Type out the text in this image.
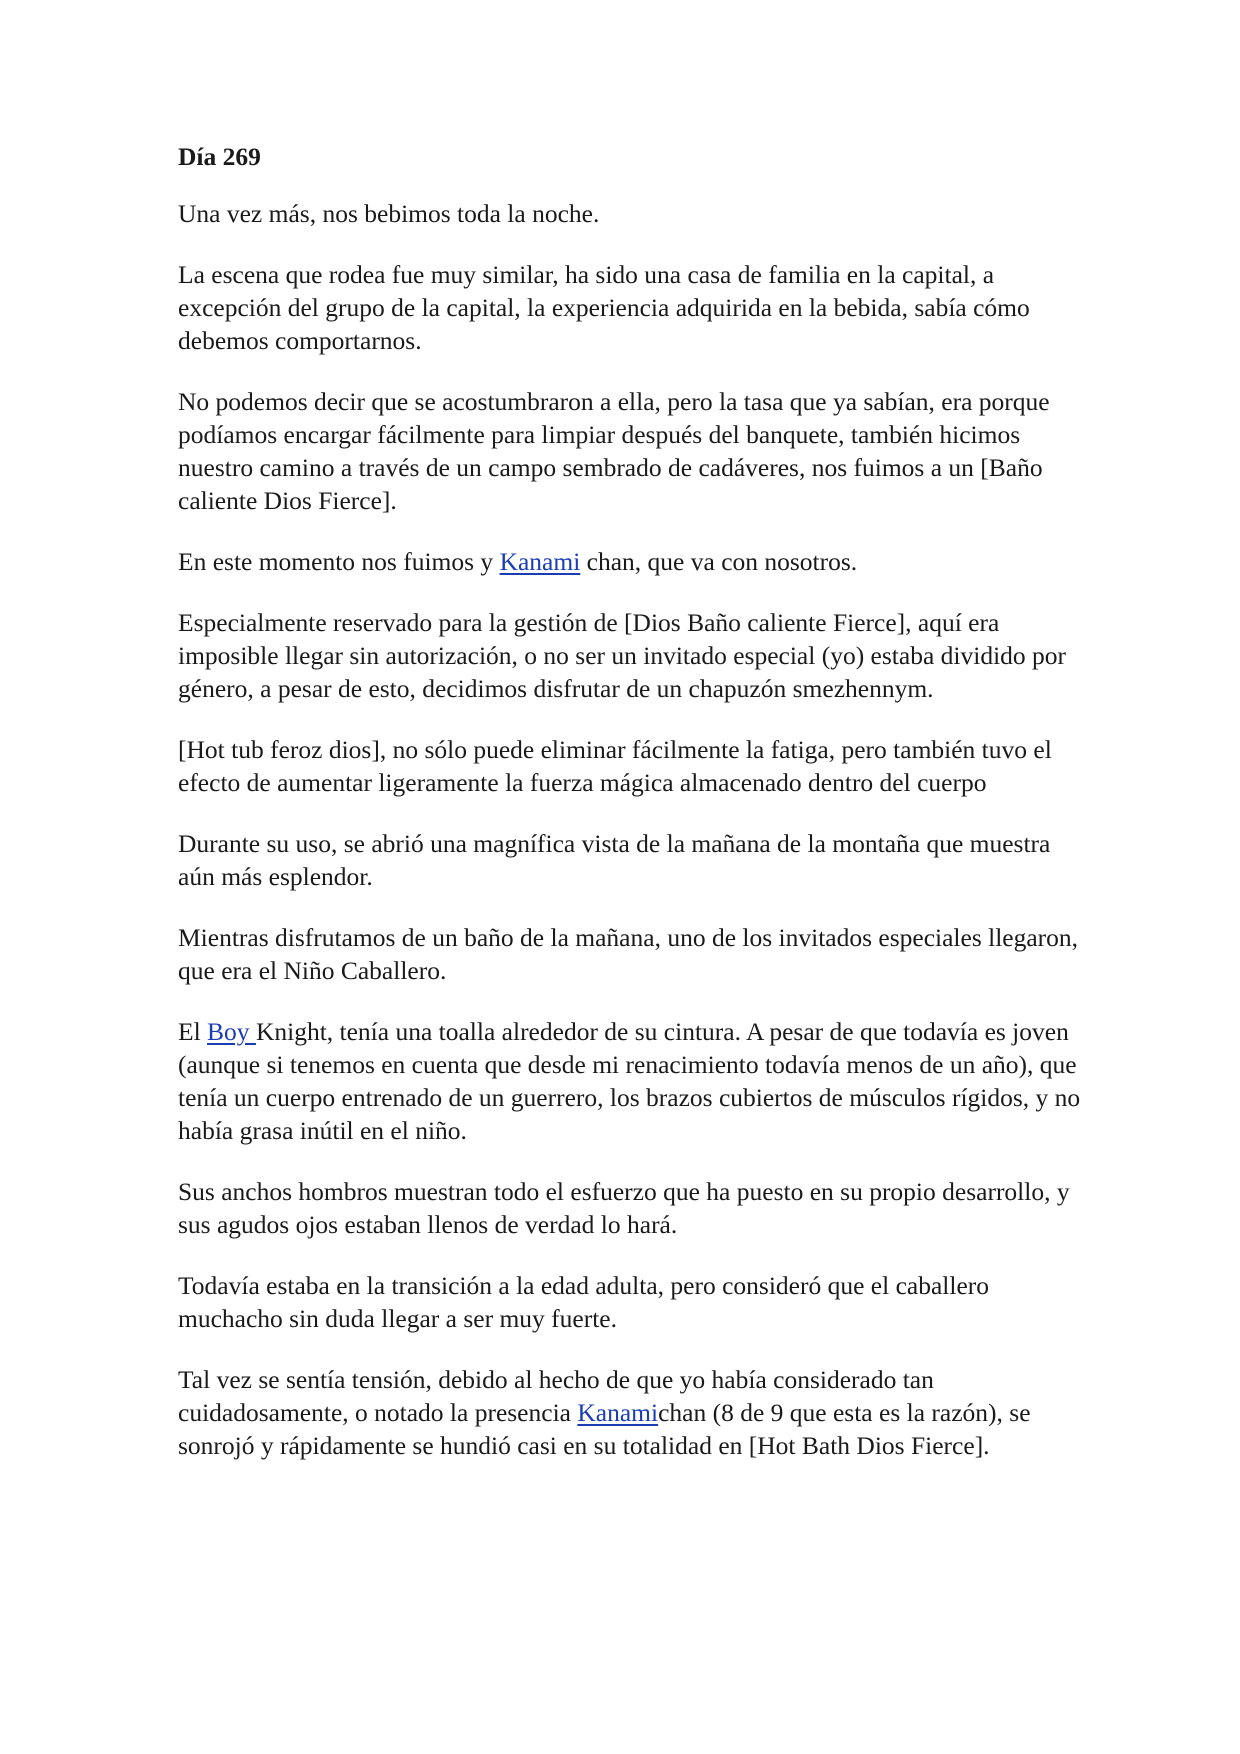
Día 269

Una vez más, nos bebimos toda la noche.

La escena que rodea fue muy similar, ha sido una casa de familia en la capital, a excepción del grupo de la capital, la experiencia adquirida en la bebida, sabía cómo debemos comportarnos.

No podemos decir que se acostumbraron a ella, pero la tasa que ya sabían, era porque podíamos encargar fácilmente para limpiar después del banquete, también hicimos nuestro camino a través de un campo sembrado de cadáveres, nos fuimos a un [Baño caliente Dios Fierce].

En este momento nos fuimos y Kanami chan, que va con nosotros.

Especialmente reservado para la gestión de [Dios Baño caliente Fierce], aquí era imposible llegar sin autorización, o no ser un invitado especial (yo) estaba dividido por género, a pesar de esto, decidimos disfrutar de un chapuzón smezhennym.

[Hot tub feroz dios], no sólo puede eliminar fácilmente la fatiga, pero también tuvo el efecto de aumentar ligeramente la fuerza mágica almacenado dentro del cuerpo

Durante su uso, se abrió una magnífica vista de la mañana de la montaña que muestra aún más esplendor.

Mientras disfrutamos de un baño de la mañana, uno de los invitados especiales llegaron, que era el Niño Caballero.

El Boy Knight, tenía una toalla alrededor de su cintura. A pesar de que todavía es joven (aunque si tenemos en cuenta que desde mi renacimiento todavía menos de un año), que tenía un cuerpo entrenado de un guerrero, los brazos cubiertos de músculos rígidos, y no había grasa inútil en el niño.

Sus anchos hombros muestran todo el esfuerzo que ha puesto en su propio desarrollo, y sus agudos ojos estaban llenos de verdad lo hará.

Todavía estaba en la transición a la edad adulta, pero consideró que el caballero muchacho sin duda llegar a ser muy fuerte.

Tal vez se sentía tensión, debido al hecho de que yo había considerado tan cuidadosamente, o notado la presencia Kanamichan (8 de 9 que esta es la razón), se sonrojó y rápidamente se hundió casi en su totalidad en [Hot Bath Dios Fierce].
